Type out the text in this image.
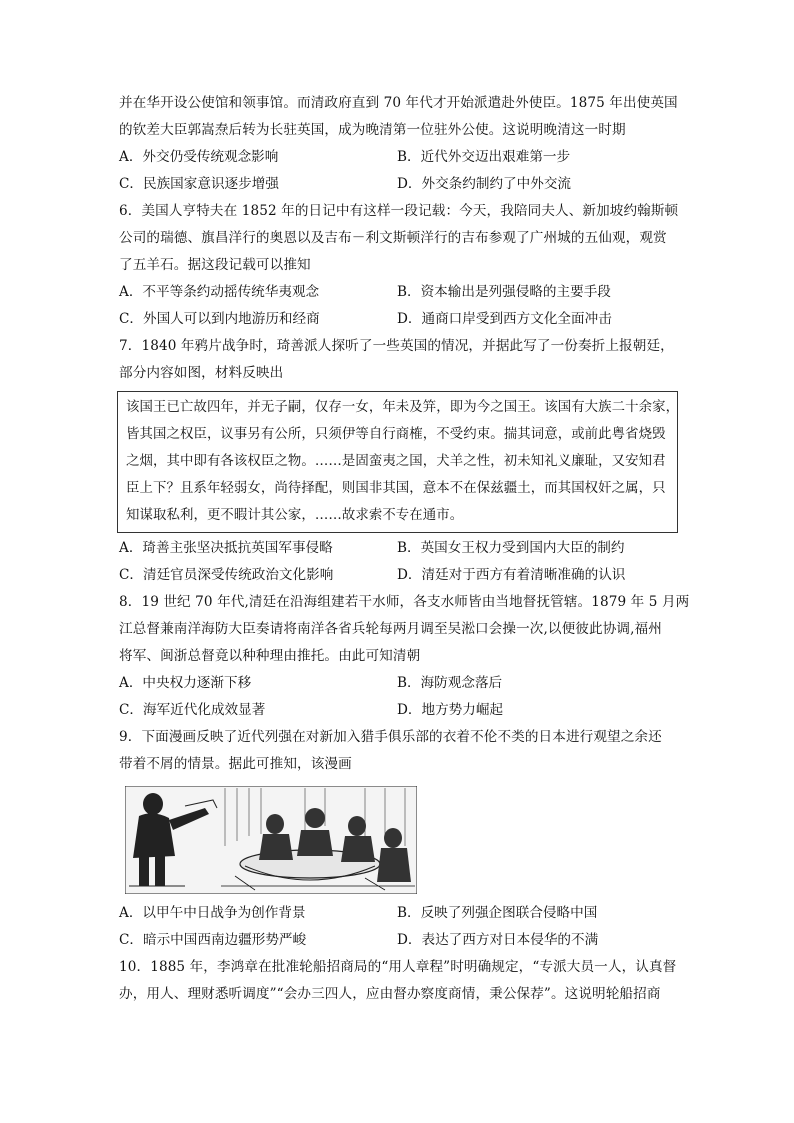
并在华开设公使馆和领事馆。而清政府直到 70 年代才开始派遣赴外使臣。1875 年出使英国
的钦差大臣郭嵩焘后转为长驻英国，成为晚清第一位驻外公使。这说明晚清这一时期
A．外交仍受传统观念影响	B．近代外交迈出艰难第一步
C．民族国家意识逐步增强	D．外交条约制约了中外交流
6．美国人亨特夫在 1852 年的日记中有这样一段记载：今天，我陪同夫人、新加坡约翰斯顿
公司的瑞德、旗昌洋行的奥恩以及吉布－利文斯顿洋行的吉布参观了广州城的五仙观，观赏
了五羊石。据这段记载可以推知
A．不平等条约动摇传统华夷观念	B．资本输出是列强侵略的主要手段
C．外国人可以到内地游历和经商	D．通商口岸受到西方文化全面冲击
7．1840 年鸦片战争时，琦善派人探听了一些英国的情况，并据此写了一份奏折上报朝廷，
部分内容如图，材料反映出
该国王已亡故四年，并无子嗣，仅存一女，年未及笄，即为今之国王。该国有大族二十余家，
皆其国之权臣，议事另有公所，只须伊等自行商榷，不受约束。揣其词意，或前此粤省烧毁
之烟，其中即有各该权臣之物。……是固蛮夷之国，犬羊之性，初未知礼义廉耻，又安知君
臣上下？且系年轻弱女，尚待择配，则国非其国，意本不在保兹疆土，而其国权奸之属，只
知谋取私利，更不暇计其公家，……故求索不专在通市。
A．琦善主张坚决抵抗英国军事侵略	B．英国女王权力受到国内大臣的制约
C．清廷官员深受传统政治文化影响	D．清廷对于西方有着清晰准确的认识
8．19 世纪 70 年代,清廷在沿海组建若干水师，各支水师皆由当地督抚管辖。1879 年 5 月两
江总督兼南洋海防大臣奏请将南洋各省兵轮每两月调至吴淞口会操一次,以便彼此协调,福州
将军、闽浙总督竟以种种理由推托。由此可知清朝
A．中央权力逐渐下移	B．海防观念落后
C．海军近代化成效显著	D．地方势力崛起
9．下面漫画反映了近代列强在对新加入猎手俱乐部的衣着不伦不类的日本进行观望之余还
带着不屑的情景。据此可推知，该漫画
A．以甲午中日战争为创作背景	B．反映了列强企图联合侵略中国
C．暗示中国西南边疆形势严峻	D．表达了西方对日本侵华的不满
10．1885 年，李鸿章在批准轮船招商局的“用人章程”时明确规定，“专派大员一人，认真督
办，用人、理财悉听调度”“会办三四人，应由督办察度商情，秉公保荐”。这说明轮船招商
